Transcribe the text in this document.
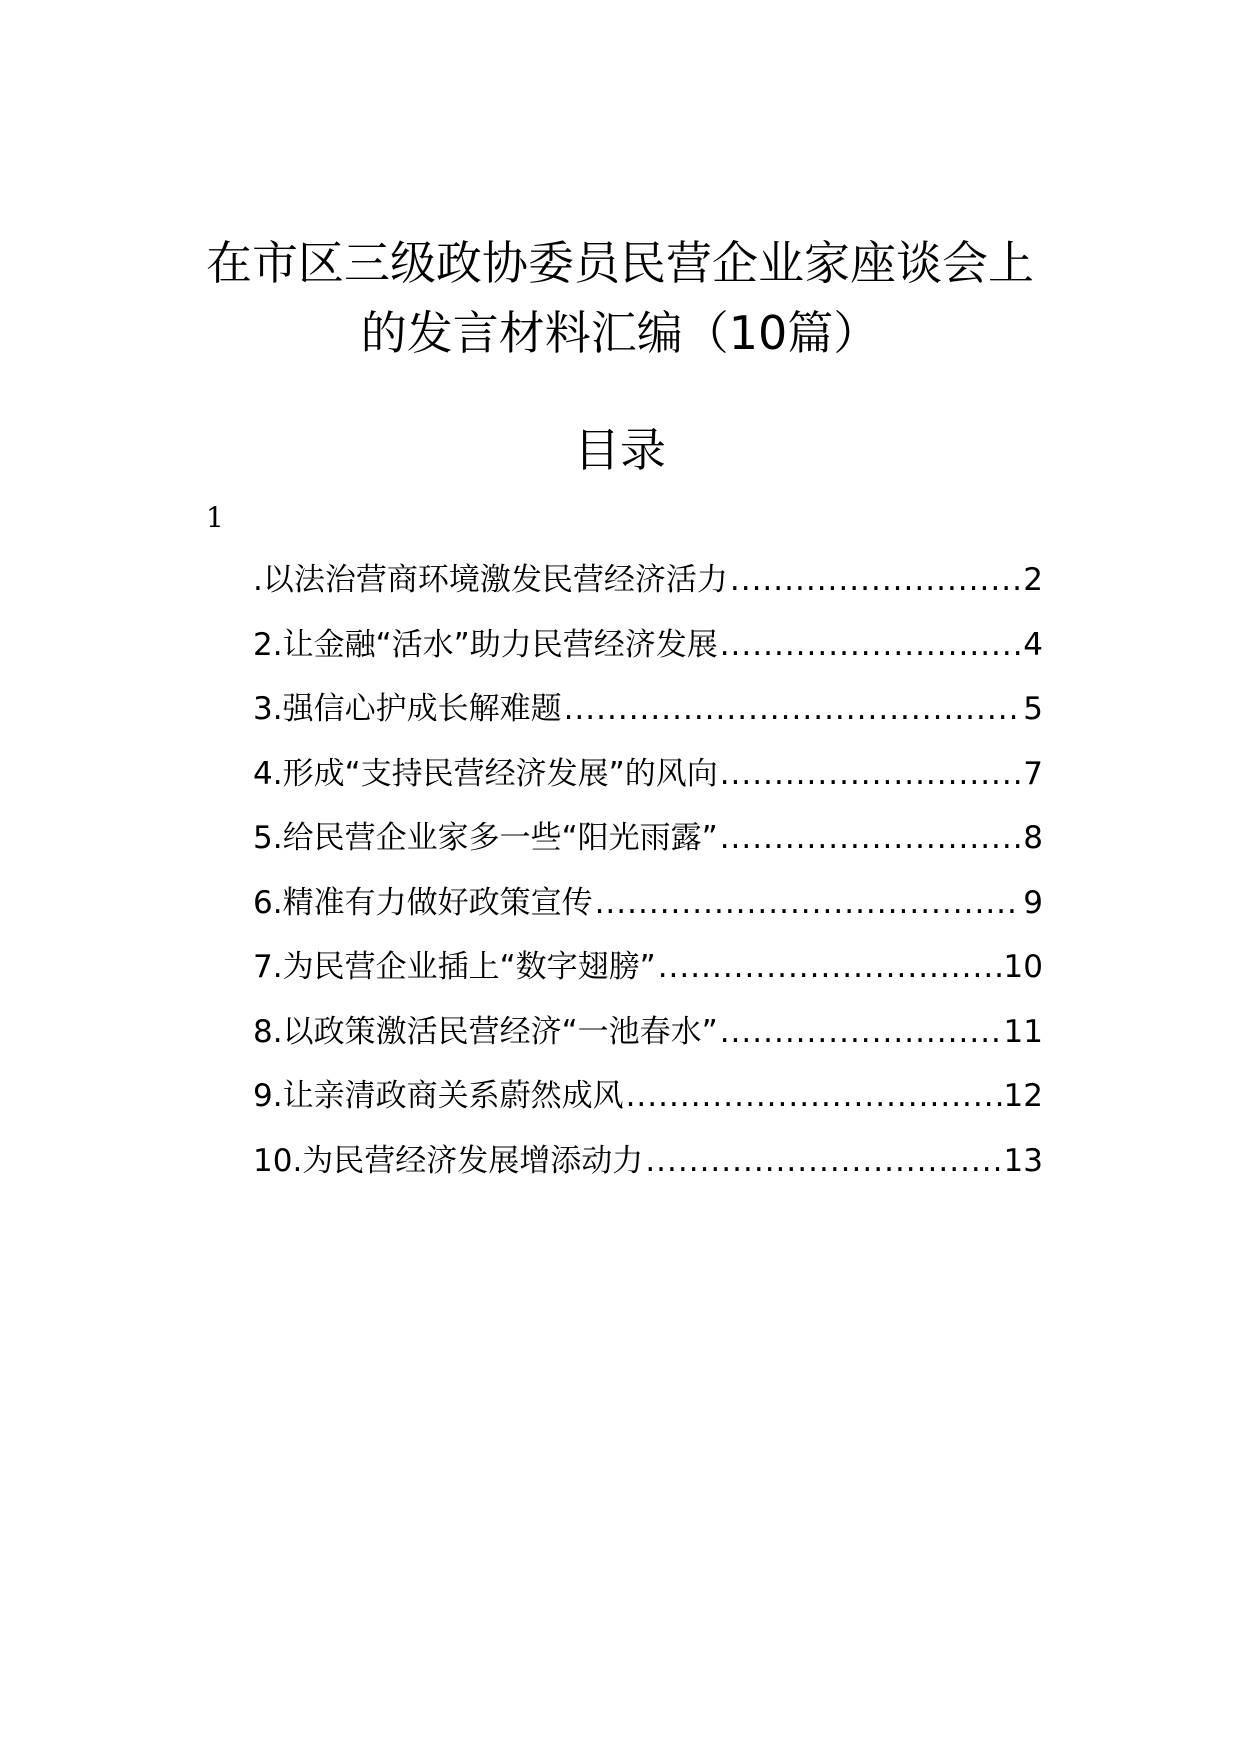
在市区三级政协委员民营企业家座谈会上
的发言材料汇编（10篇）
目录
1
.以法治营商环境激发民营经济活力 .....	2
2.让金融“活水”助力民营经济发展 .....	4
3.强信心护成长解难题 .....	5
4.形成“支持民营经济发展”的风向 .....	7
5.给民营企业家多一些“阳光雨露” .....	8
6.精准有力做好政策宣传 .....	9
7.为民营企业插上“数字翅膀” .....	10
8.以政策激活民营经济“一池春水” .....	11
9.让亲清政商关系蔚然成风 .....	12
10.为民营经济发展增添动力 .....	13
